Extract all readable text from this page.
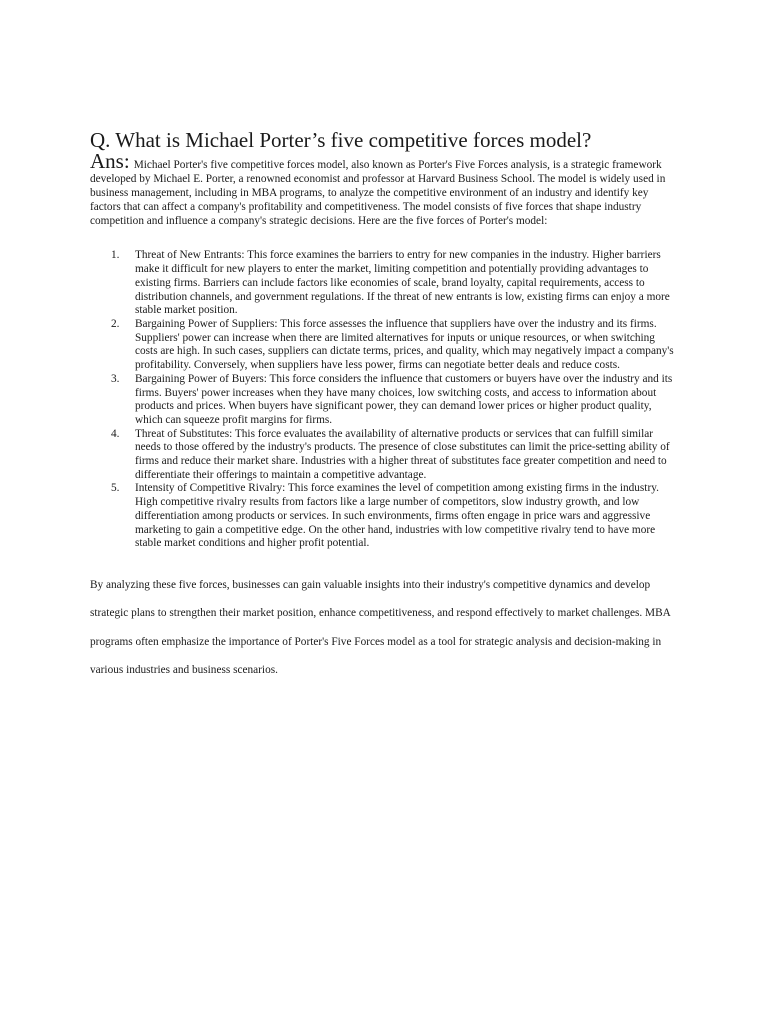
Q. What is Michael Porter’s five competitive forces model?

Ans: Michael Porter's five competitive forces model, also known as Porter's Five Forces analysis, is a strategic framework developed by Michael E. Porter, a renowned economist and professor at Harvard Business School. The model is widely used in business management, including in MBA programs, to analyze the competitive environment of an industry and identify key factors that can affect a company's profitability and competitiveness. The model consists of five forces that shape industry competition and influence a company's strategic decisions. Here are the five forces of Porter's model:

1. Threat of New Entrants: This force examines the barriers to entry for new companies in the industry. Higher barriers make it difficult for new players to enter the market, limiting competition and potentially providing advantages to existing firms. Barriers can include factors like economies of scale, brand loyalty, capital requirements, access to distribution channels, and government regulations. If the threat of new entrants is low, existing firms can enjoy a more stable market position.
2. Bargaining Power of Suppliers: This force assesses the influence that suppliers have over the industry and its firms. Suppliers' power can increase when there are limited alternatives for inputs or unique resources, or when switching costs are high. In such cases, suppliers can dictate terms, prices, and quality, which may negatively impact a company's profitability. Conversely, when suppliers have less power, firms can negotiate better deals and reduce costs.
3. Bargaining Power of Buyers: This force considers the influence that customers or buyers have over the industry and its firms. Buyers' power increases when they have many choices, low switching costs, and access to information about products and prices. When buyers have significant power, they can demand lower prices or higher product quality, which can squeeze profit margins for firms.
4. Threat of Substitutes: This force evaluates the availability of alternative products or services that can fulfill similar needs to those offered by the industry's products. The presence of close substitutes can limit the price-setting ability of firms and reduce their market share. Industries with a higher threat of substitutes face greater competition and need to differentiate their offerings to maintain a competitive advantage.
5. Intensity of Competitive Rivalry: This force examines the level of competition among existing firms in the industry. High competitive rivalry results from factors like a large number of competitors, slow industry growth, and low differentiation among products or services. In such environments, firms often engage in price wars and aggressive marketing to gain a competitive edge. On the other hand, industries with low competitive rivalry tend to have more stable market conditions and higher profit potential.

By analyzing these five forces, businesses can gain valuable insights into their industry's competitive dynamics and develop strategic plans to strengthen their market position, enhance competitiveness, and respond effectively to market challenges. MBA programs often emphasize the importance of Porter's Five Forces model as a tool for strategic analysis and decision-making in various industries and business scenarios.
